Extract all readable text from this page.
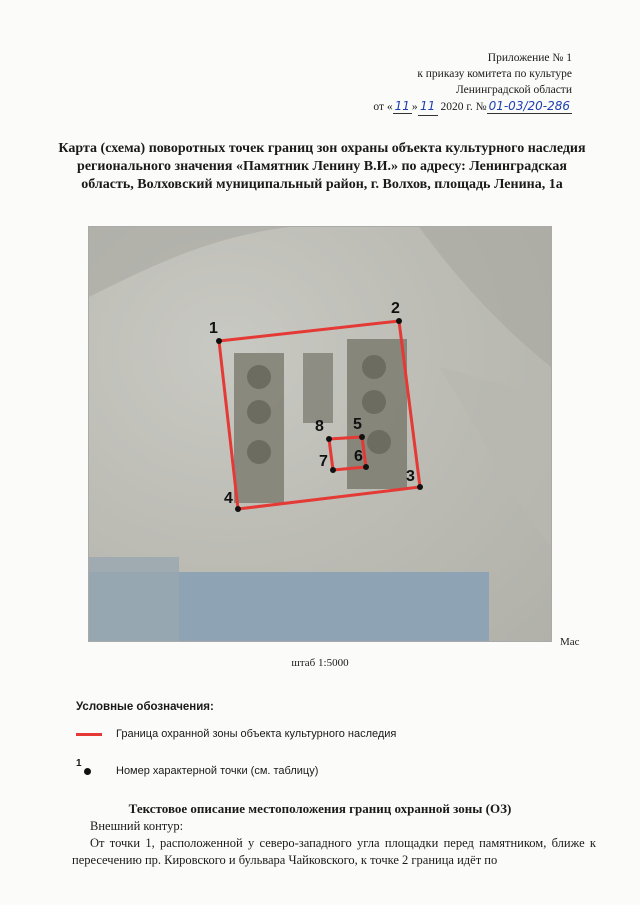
Приложение № 1
к приказу комитета по культуре
Ленинградской области
от « 11 » 11 2020 г. № 01-03/20-286
Карта (схема) поворотных точек границ зон охраны объекта культурного наследия регионального значения «Памятник Ленину В.И.» по адресу: Ленинградская область, Волховский муниципальный район, г. Волхов, площадь Ленина, 1а
1
2
3
4
5
6
7
8
Мас
штаб 1:5000
Условные обозначения:
Граница охранной зоны объекта культурного наследия
1
Номер характерной точки (см. таблицу)
Текстовое описание местоположения границ охранной зоны (ОЗ)

Внешний контур:

От точки 1, расположенной у северо-западного угла площадки перед памятником, ближе к пересечению пр. Кировского и бульвара Чайковского, к точке 2 граница идёт по
